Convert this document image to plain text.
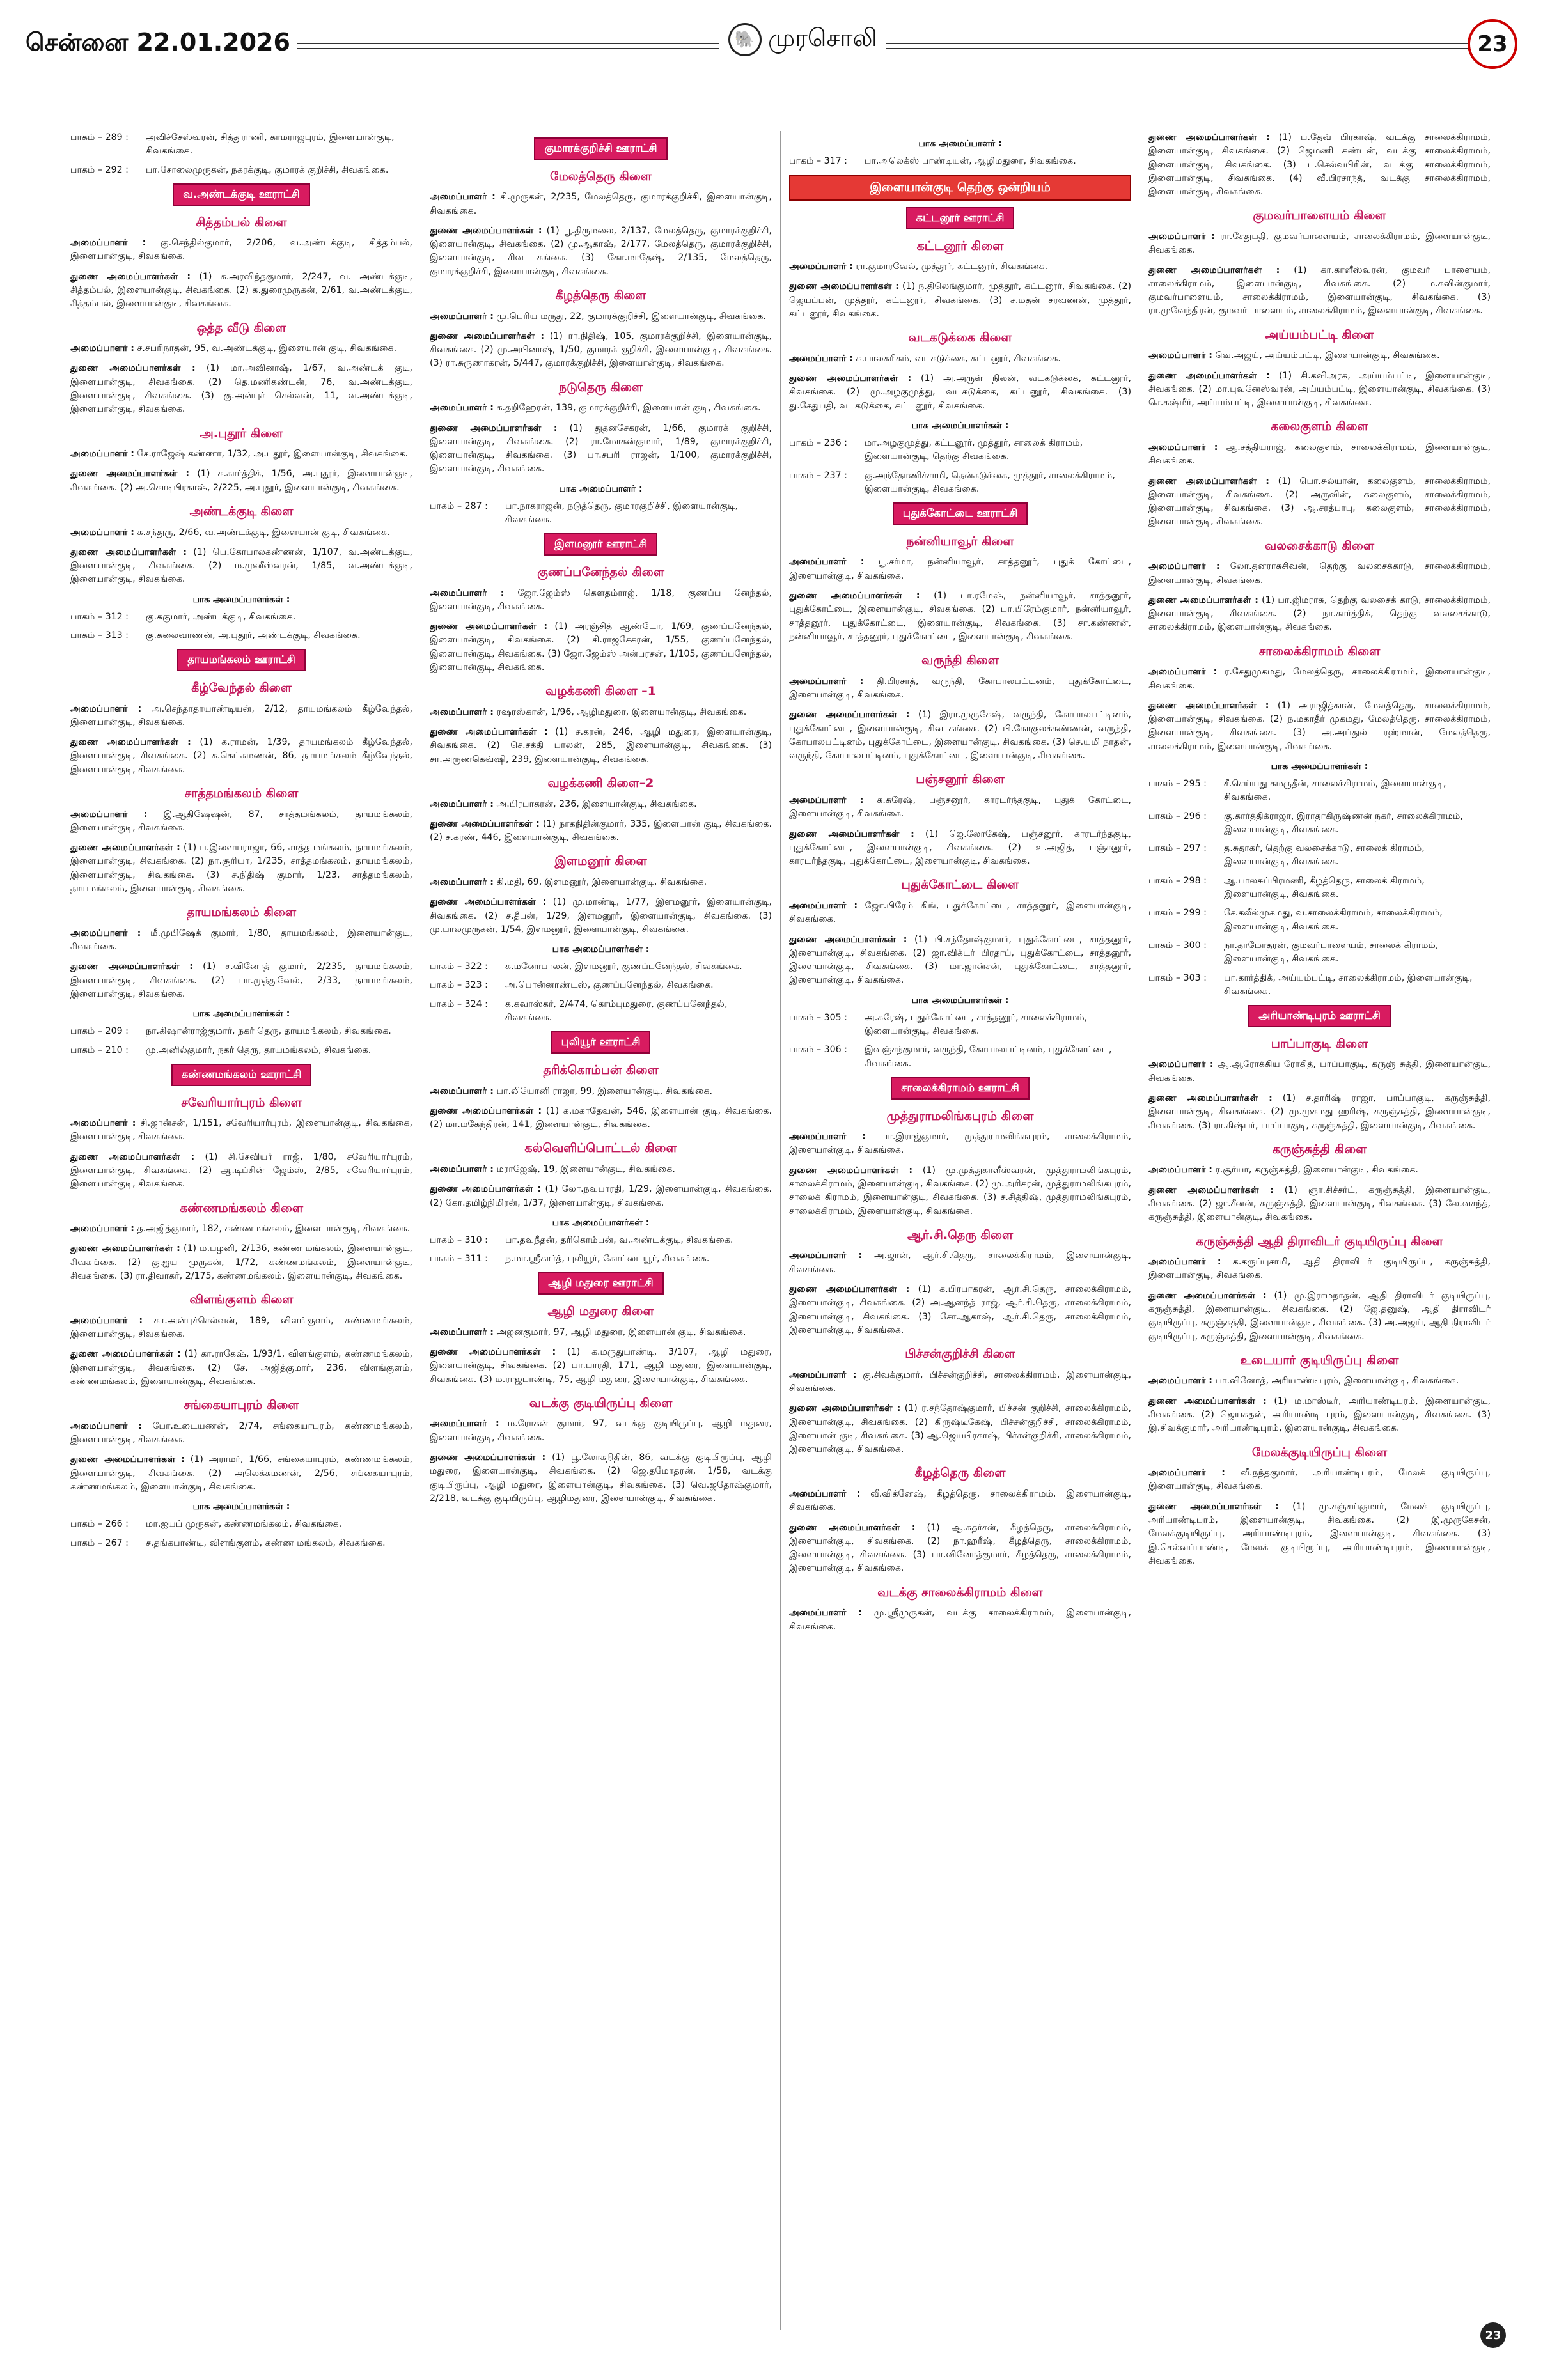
சென்னை 22.01.2026	🐘 முரசொலி	23
பாகம் – 289 :	அவிச்சேஸ்வரன், சித்துராணி, காமராஜபுரம், இளையான்குடி, சிவகங்கை.
பாகம் – 292 :	பா.சோலைமுருகன், நகரக்குடி, குமாரக் குறிச்சி, சிவகங்கை.
வ.அண்டக்குடி ஊராட்சி
சித்தம்பல் கிளை

அமைப்பாளர் : கு.செந்தில்குமார், 2/206, வ.அண்டக்குடி, சித்தம்பல், இளையான்குடி, சிவகங்கை.

துணை அமைப்பாளர்கள் : (1) க.அரவிந்தகுமார், 2/247, வ. அண்டக்குடி, சித்தம்பல், இளையான்குடி, சிவகங்கை. (2) க.துரைமுருகன், 2/61, வ.அண்டக்குடி, சித்தம்பல், இளையான்குடி, சிவகங்கை.

ஒத்த வீடு கிளை

அமைப்பாளர் : ச.சபரிநாதன், 95, வ.அண்டக்குடி, இளையான் குடி, சிவகங்கை.

துணை அமைப்பாளர்கள் : (1) மா.அவினாஷ், 1/67, வ.அண்டக் குடி, இளையான்குடி, சிவகங்கை. (2) தெ.மணிகண்டன், 76, வ.அண்டக்குடி, இளையான்குடி, சிவகங்கை. (3) கு.அன்புச் செல்வன், 11, வ.அண்டக்குடி, இளையான்குடி, சிவகங்கை.

அ.புதூர் கிளை

அமைப்பாளர் : சே.ராஜேஷ் கண்ணா, 1/32, அ.புதூர், இளையான்குடி, சிவகங்கை.

துணை அமைப்பாளர்கள் : (1) க.கார்த்திக், 1/56, அ.புதூர், இளையான்குடி, சிவகங்கை. (2) அ.கொடிபிரகாஷ், 2/225, அ.புதூர், இளையான்குடி, சிவகங்கை.

அண்டக்குடி கிளை

அமைப்பாளர் : க.சந்துரு, 2/66, வ.அண்டக்குடி, இளையான் குடி, சிவகங்கை.

துணை அமைப்பாளர்கள் : (1) பெ.கோபாலகண்ணன், 1/107, வ.அண்டக்குடி, இளையான்குடி, சிவகங்கை. (2) ம.முனீஸ்வரன், 1/85, வ.அண்டக்குடி, இளையான்குடி, சிவகங்கை.

பாக அமைப்பாளர்கள் :
பாகம் – 312 :	கு.சுகுமார், அண்டக்குடி, சிவகங்கை.
பாகம் – 313 :	கு.கலைவாணன், அ.புதூர், அண்டக்குடி, சிவகங்கை.
தாயமங்கலம் ஊராட்சி
கீழ்வேந்தல் கிளை

அமைப்பாளர் : அ.செந்தாதாயாண்டியன், 2/12, தாயமங்கலம் கீழ்வேந்தல், இளையான்குடி, சிவகங்கை.

துணை அமைப்பாளர்கள் : (1) க.ராமன், 1/39, தாயமங்கலம் கீழ்வேந்தல், இளையான்குடி, சிவகங்கை. (2) க.கெட்சுமணன், 86, தாயமங்கலம் கீழ்வேந்தல், இளையான்குடி, சிவகங்கை.

சாத்தமங்கலம் கிளை

அமைப்பாளர் : இ.ஆதிஷேஷன், 87, சாத்தமங்கலம், தாயமங்கலம், இளையான்குடி, சிவகங்கை.

துணை அமைப்பாளர்கள் : (1) ப.இளையராஜா, 66, சாத்த மங்கலம், தாயமங்கலம், இளையான்குடி, சிவகங்கை. (2) நா.சூரியா, 1/235, சாத்தமங்கலம், தாயமங்கலம், இளையான்குடி, சிவகங்கை. (3) ச.நிதிஷ் குமார், 1/23, சாத்தமங்கலம், தாயமங்கலம், இளையான்குடி, சிவகங்கை.

தாயமங்கலம் கிளை

அமைப்பாளர் : மீ.முபிஷேக் குமார், 1/80, தாயமங்கலம், இளையான்குடி, சிவகங்கை.

துணை அமைப்பாளர்கள் : (1) ச.வினோத் குமார், 2/235, தாயமங்கலம், இளையான்குடி, சிவகங்கை. (2) பா.முத்துவேல், 2/33, தாயமங்கலம், இளையான்குடி, சிவகங்கை.

பாக அமைப்பாளர்கள் :
பாகம் – 209 :	நா.கிஷான்ராஜ்குமார், நகர் தெரு, தாயமங்கலம், சிவகங்கை.
பாகம் – 210 :	மு.அனில்குமார், நகர் தெரு, தாயமங்கலம், சிவகங்கை.
கண்ணமங்கலம் ஊராட்சி
சவேரியார்புரம் கிளை

அமைப்பாளர் : சி.ஜான்சன், 1/151, சவேரியார்புரம், இளையான்குடி, சிவகங்கை, இளையான்குடி, சிவகங்கை.

துணை அமைப்பாளர்கள் : (1) சி.சேவியர் ராஜ், 1/80, சவேரியார்புரம், இளையான்குடி, சிவகங்கை. (2) ஆ.டிப்சின் ஜேம்ஸ், 2/85, சவேரியார்புரம், இளையான்குடி, சிவகங்கை.

கண்ணமங்கலம் கிளை

அமைப்பாளர் : த.அஜித்குமார், 182, கண்ணமங்கலம், இளையான்குடி, சிவகங்கை.

துணை அமைப்பாளர்கள் : (1) ம.பழனி, 2/136, கண்ண மங்கலம், இளையான்குடி, சிவகங்கை. (2) கு.ஐய முருகன், 1/72, கண்ணமங்கலம், இளையான்குடி, சிவகங்கை. (3) ரா.திவாகர், 2/175, கண்ணமங்கலம், இளையான்குடி, சிவகங்கை.

விளங்குளம் கிளை

அமைப்பாளர் : கா.அன்புச்செல்வன், 189, விளங்குளம், கண்ணமங்கலம், இளையான்குடி, சிவகங்கை.

துணை அமைப்பாளர்கள் : (1) கா.ராகேஷ், 1/93/1, விளங்குளம், கண்ணமங்கலம், இளையான்குடி, சிவகங்கை. (2) சே. அஜித்குமார், 236, விளங்குளம், கண்ணமங்கலம், இளையான்குடி, சிவகங்கை.

சங்கையாபுரம் கிளை

அமைப்பாளர் : போ.உடையணன், 2/74, சங்கையாபுரம், கண்ணமங்கலம், இளையான்குடி, சிவகங்கை.

துணை அமைப்பாளர்கள் : (1) அராமர், 1/66, சங்கையாபுரம், கண்ணமங்கலம், இளையான்குடி, சிவகங்கை. (2) அலெக்சுமணன், 2/56, சங்கையாபுரம், கண்ணமங்கலம், இளையான்குடி, சிவகங்கை.

பாக அமைப்பாளர்கள் :
பாகம் – 266 :	மா.ஐயப் முருகன், கண்ணமங்கலம், சிவகங்கை.
பாகம் – 267 :	ச.தங்கபாண்டி, விளங்குளம், கண்ண மங்கலம், சிவகங்கை.
குமாரக்குறிச்சி ஊராட்சி
மேலத்தெரு கிளை

அமைப்பாளர் : சி.முருகன், 2/235, மேலத்தெரு, குமாரக்குறிச்சி, இளையான்குடி, சிவகங்கை.

துணை அமைப்பாளர்கள் : (1) பூ.திருமலை, 2/137, மேலத்தெரு, குமாரக்குறிச்சி, இளையான்குடி, சிவகங்கை. (2) மு.ஆகாஷ், 2/177, மேலத்தெரு, குமாரக்குறிச்சி, இளையான்குடி, சிவ கங்கை. (3) கோ.மாதேஷ், 2/135, மேலத்தெரு, குமாரக்குறிச்சி, இளையான்குடி, சிவகங்கை.

கீழத்தெரு கிளை

அமைப்பாளர் : மு.பெரிய மருது, 22, குமாரக்குறிச்சி, இளையான்குடி, சிவகங்கை.

துணை அமைப்பாளர்கள் : (1) ரா.நிதிஷ், 105, குமாரக்குறிச்சி, இளையான்குடி, சிவகங்கை. (2) மு.அபினாஷ், 1/50, குமாரக் குறிச்சி, இளையான்குடி, சிவகங்கை. (3) ரா.சுருணாகரன், 5/447, குமாரக்குறிச்சி, இளையான்குடி, சிவகங்கை.

நடுதெரு கிளை

அமைப்பாளர் : க.தறிஹேரன், 139, குமாரக்குறிச்சி, இளையான் குடி, சிவகங்கை.

துணை அமைப்பாளர்கள் : (1) துதனசேகரன், 1/66, குமாரக் குறிச்சி, இளையான்குடி, சிவகங்கை. (2) ரா.மோகன்குமார், 1/89, குமாரக்குறிச்சி, இளையான்குடி, சிவகங்கை. (3) பா.சபரி ராஜன், 1/100, குமாரக்குறிச்சி, இளையான்குடி, சிவகங்கை.

பாக அமைப்பாளர் :
பாகம் – 287 :	பா.நாகராஜன், நடுத்தெரு, குமாரகுறிச்சி, இளையான்குடி, சிவகங்கை.
இளமனூர் ஊராட்சி
குணப்பனேந்தல் கிளை

அமைப்பாளர் : ஜோ.ஜேம்ஸ் கௌதம்ராஜ், 1/18, குணப்ப னேந்தல், இளையான்குடி, சிவகங்கை.

துணை அமைப்பாளர்கள் : (1) அரஞ்சித் ஆண்டோ, 1/69, குணப்பனேந்தல், இளையான்குடி, சிவகங்கை. (2) சி.ராஜசேகரன், 1/55, குணப்பனேந்தல், இளையான்குடி, சிவகங்கை. (3) ஜோ.ஜேம்ஸ் அன்பரசன், 1/105, குணப்பனேந்தல், இளையான்குடி, சிவகங்கை.

வழக்கணி கிளை –1

அமைப்பாளர் : ரஷரஸ்கான், 1/96, ஆழிமதுரை, இளையான்குடி, சிவகங்கை.

துணை அமைப்பாளர்கள் : (1) ச.கரன், 246, ஆழி மதுரை, இளையான்குடி, சிவகங்கை. (2) செ.சக்தி பாலன், 285, இளையான்குடி, சிவகங்கை. (3) சா.அருணகெவ்ஷி, 239, இளையான்குடி, சிவகங்கை.

வழக்கணி கிளை–2

அமைப்பாளர் : அ.பிரபாகரன், 236, இளையான்குடி, சிவகங்கை.

துணை அமைப்பாளர்கள் : (1) நாகநிதின்குமார், 335, இளையான் குடி, சிவகங்கை. (2) ச.கரண், 446, இளையான்குடி, சிவகங்கை.

இளமனூர் கிளை

அமைப்பாளர் : கி.மதி, 69, இளமனூர், இளையான்குடி, சிவகங்கை.

துணை அமைப்பாளர்கள் : (1) மு.மாண்டி, 1/77, இளமனூர், இளையான்குடி, சிவகங்கை. (2) ச.தீபன், 1/29, இளமனூர், இளையான்குடி, சிவகங்கை. (3) மு.பாலமுருகன், 1/54, இளமனூர், இளையான்குடி, சிவகங்கை.

பாக அமைப்பாளர்கள் :
பாகம் – 322 :	க.மனோபாலன், இளமனூர், குணப்பனேந்தல், சிவகங்கை.
பாகம் – 323 :	அ.பொன்னாண்டஸ், குணப்பனேந்தல், சிவகங்கை.
பாகம் – 324 :	க.கவாஸ்கர், 2/474, கொம்புமதுரை, குணப்பனேந்தல், சிவகங்கை.
புலியூர் ஊராட்சி
தரிக்கொம்பன் கிளை

அமைப்பாளர் : பா.லியோனி ராஜா, 99, இளையான்குடி, சிவகங்கை.

துணை அமைப்பாளர்கள் : (1) க.மகாதேவன், 546, இளையான் குடி, சிவகங்கை. (2) மா.மகேந்திரன், 141, இளையான்குடி, சிவகங்கை.

கல்வெளிப்பொட்டல் கிளை

அமைப்பாளர் : மராஜேஷ், 19, இளையான்குடி, சிவகங்கை.

துணை அமைப்பாளர்கள் : (1) லோ.நவபாரதி, 1/29, இளையான்குடி, சிவகங்கை. (2) கோ.தமிழ்நிமிரன், 1/37, இளையான்குடி, சிவகங்கை.

பாக அமைப்பாளர்கள் :
பாகம் – 310 :	பா.தவநீதன், தரிகொம்பன், வ.அண்டக்குடி, சிவகங்கை.
பாகம் – 311 :	ந.மா.ஸ்ரீகார்த், புலியூர், கோட்டையூர், சிவகங்கை.
ஆழி மதுரை ஊராட்சி
ஆழி மதுரை கிளை

அமைப்பாளர் : அஜனகுமார், 97, ஆழி மதுரை, இளையான் குடி, சிவகங்கை.

துணை அமைப்பாளர்கள் : (1) க.மருதுபாண்டி, 3/107, ஆழி மதுரை, இளையான்குடி, சிவகங்கை. (2) பா.பாரதி, 171, ஆழி மதுரை, இளையான்குடி, சிவகங்கை. (3) ம.ராஜபாண்டி, 75, ஆழி மதுரை, இளையான்குடி, சிவகங்கை.

வடக்கு குடியிருப்பு கிளை

அமைப்பாளர் : ம.ரோகன் குமார், 97, வடக்கு குடியிருப்பு, ஆழி மதுரை, இளையான்குடி, சிவகங்கை.

துணை அமைப்பாளர்கள் : (1) பூ.லோகநிதின், 86, வடக்கு குடியிருப்பு, ஆழி மதுரை, இளையான்குடி, சிவகங்கை. (2) ஜெ.தமோதரன், 1/58, வடக்கு குடியிருப்பு, ஆழி மதுரை, இளையான்குடி, சிவகங்கை. (3) வெ.ஜதோஷ்குமார், 2/218, வடக்கு குடியிருப்பு, ஆழிமதுரை, இளையான்குடி, சிவகங்கை.

பாக அமைப்பாளர் :
பாகம் – 317 :	பா.அலெக்ஸ் பாண்டியன், ஆழிமதுரை, சிவகங்கை.
இளையான்குடி தெற்கு ஒன்றியம்
கட்டனூர் ஊராட்சி
கட்டனூர் கிளை

அமைப்பாளர் : ரா.குமாரவேல், முத்தூர், கட்டனூர், சிவகங்கை.

துணை அமைப்பாளர்கள் : (1) ந.திலெங்குமார், முத்தூர், கட்டனூர், சிவகங்கை. (2) ஜெயப்பன், முத்தூர், கட்டனூர், சிவகங்கை. (3) ச.மதன் சரவணன், முத்தூர், கட்டனூர், சிவகங்கை.

வடகடுக்கை கிளை

அமைப்பாளர் : க.பாலசுரிகம், வடகடுக்கை, கட்டனூர், சிவகங்கை.

துணை அமைப்பாளர்கள் : (1) அ.அருள் நிலன், வடகடுக்கை, கட்டனூர், சிவகங்கை. (2) மு.அழகுமுத்து, வடகடுக்கை, கட்டனூர், சிவகங்கை. (3) து.சேதுபதி, வடகடுக்கை, கட்டனூர், சிவகங்கை.

பாக அமைப்பாளர்கள் :
பாகம் – 236 :	மா.அழகுமுத்து, கட்டனூர், முத்தூர், சாலைக் கிராமம், இளையான்குடி, தெற்கு சிவகங்கை.
பாகம் – 237 :	கு.அந்தோணிச்சாமி, தென்கடுக்கை, முத்தூர், சாலைக்கிராமம், இளையான்குடி, சிவகங்கை.
புதுக்கோட்டை ஊராட்சி
நன்னியாவூர் கிளை

அமைப்பாளர் : பூ.சர்மா, நன்னியாவூர், சாத்தனூர், புதுக் கோட்டை, இளையான்குடி, சிவகங்கை.

துணை அமைப்பாளர்கள் : (1) பா.ரமேஷ், நன்னியாவூர், சாத்தனூர், புதுக்கோட்டை, இளையான்குடி, சிவகங்கை. (2) பா.பிரேம்குமார், நன்னியாவூர், சாத்தனூர், புதுக்கோட்டை, இளையான்குடி, சிவகங்கை. (3) சா.கண்ணன், நன்னியாவூர், சாத்தனூர், புதுக்கோட்டை, இளையான்குடி, சிவகங்கை.

வருந்தி கிளை

அமைப்பாளர் : தி.பிரசாத், வருந்தி, கோபாலபட்டினம், புதுக்கோட்டை, இளையான்குடி, சிவகங்கை.

துணை அமைப்பாளர்கள் : (1) இரா.முருகேஷ், வருந்தி, கோபாலபட்டினம், புதுக்கோட்டை, இளையான்குடி, சிவ கங்கை. (2) பி.கோகுலக்கண்ணன், வருந்தி, கோபாலபட்டினம், புதுக்கோட்டை, இளையான்குடி, சிவகங்கை. (3) செ.யுமி நாதன், வருந்தி, கோபாலபட்டினம், புதுக்கோட்டை, இளையான்குடி, சிவகங்கை.

பஞ்சனூர் கிளை

அமைப்பாளர் : க.சுரேஷ், பஞ்சனூர், காரடர்ந்தகுடி, புதுக் கோட்டை, இளையான்குடி, சிவகங்கை.

துணை அமைப்பாளர்கள் : (1) ஜெ.லோகேஷ், பஞ்சனூர், காரடர்ந்தகுடி, புதுக்கோட்டை, இளையான்குடி, சிவகங்கை. (2) உ.அஜித், பஞ்சனூர், காரடர்ந்தகுடி, புதுக்கோட்டை, இளையான்குடி, சிவகங்கை.

புதுக்கோட்டை கிளை

அமைப்பாளர் : ஜோ.பிரேம் கிங், புதுக்கோட்டை, சாத்தனூர், இளையான்குடி, சிவகங்கை.

துணை அமைப்பாளர்கள் : (1) பி.சந்தோஷ்குமார், புதுக்கோட்டை, சாத்தனூர், இளையான்குடி, சிவகங்கை. (2) ஜா.விக்டர் பிரதாப், புதுக்கோட்டை, சாத்தனூர், இளையான்குடி, சிவகங்கை. (3) மா.ஜான்சன், புதுக்கோட்டை, சாத்தனூர், இளையான்குடி, சிவகங்கை.

பாக அமைப்பாளர்கள் :
பாகம் – 305 :	அ.சுரேஷ், புதுக்கோட்டை, சாத்தனூர், சாலைக்கிராமம், இளையான்குடி, சிவகங்கை.
பாகம் – 306 :	இவஞ்சந்குமார், வருந்தி, கோபாலபட்டினம், புதுக்கோட்டை, சிவகங்கை.
சாலைக்கிராமம் ஊராட்சி
முத்துராமலிங்கபுரம் கிளை

அமைப்பாளர் : பா.இராஜ்குமார், முத்துராமலிங்கபுரம், சாலைக்கிராமம், இளையான்குடி, சிவகங்கை.

துணை அமைப்பாளர்கள் : (1) மு.முத்துகாளீஸ்வரன், முத்துராமலிங்கபுரம், சாலைக்கிராமம், இளையான்குடி, சிவகங்கை. (2) மு.அரிகரன், முத்துராமலிங்கபுரம், சாலைக் கிராமம், இளையான்குடி, சிவகங்கை. (3) ச.சித்திஷ், முத்துராமலிங்கபுரம், சாலைக்கிராமம், இளையான்குடி, சிவகங்கை.

ஆர்.சி.தெரு கிளை

அமைப்பாளர் : அ.ஜான், ஆர்.சி.தெரு, சாலைக்கிராமம், இளையான்குடி, சிவகங்கை.

துணை அமைப்பாளர்கள் : (1) க.பிரபாகரன், ஆர்.சி.தெரு, சாலைக்கிராமம், இளையான்குடி, சிவகங்கை. (2) அ.ஆனந்த் ராஜ், ஆர்.சி.தெரு, சாலைக்கிராமம், இளையான்குடி, சிவகங்கை. (3) சோ.ஆகாஷ், ஆர்.சி.தெரு, சாலைக்கிராமம், இளையான்குடி, சிவகங்கை.

பிச்சன்குறிச்சி கிளை

அமைப்பாளர் : கு.சிவக்குமார், பிச்சன்குறிச்சி, சாலைக்கிராமம், இளையான்குடி, சிவகங்கை.

துணை அமைப்பாளர்கள் : (1) ர.சந்தோஷ்குமார், பிச்சன் குறிச்சி, சாலைக்கிராமம், இளையான்குடி, சிவகங்கை. (2) கிருஷ்டீகேஷ், பிச்சன்குறிச்சி, சாலைக்கிராமம், இளையான் குடி, சிவகங்கை. (3) ஆ.ஜெயபிரகாஷ், பிச்சன்குறிச்சி, சாலைக்கிராமம், இளையான்குடி, சிவகங்கை.

கீழத்தெரு கிளை

அமைப்பாளர் : வீ.விக்னேஷ், கீழத்தெரு, சாலைக்கிராமம், இளையான்குடி, சிவகங்கை.

துணை அமைப்பாளர்கள் : (1) ஆ.சுதர்சன், கீழத்தெரு, சாலைக்கிராமம், இளையான்குடி, சிவகங்கை. (2) நா.ஹரீஷ், கீழத்தெரு, சாலைக்கிராமம், இளையான்குடி, சிவகங்கை. (3) பா.வினோத்குமார், கீழத்தெரு, சாலைக்கிராமம், இளையான்குடி, சிவகங்கை.

வடக்கு சாலைக்கிராமம் கிளை

அமைப்பாளர் : மு.ஸ்ரீமுருகன், வடக்கு சாலைக்கிராமம், இளையான்குடி, சிவகங்கை.

துணை அமைப்பாளர்கள் : (1) ப.தேவ் பிரகாஷ், வடக்கு சாலைக்கிராமம், இளையான்குடி, சிவகங்கை. (2) ஜெமணி கண்டன், வடக்கு சாலைக்கிராமம், இளையான்குடி, சிவகங்கை. (3) ப.செல்வபிரின், வடக்கு சாலைக்கிராமம், இளையான்குடி, சிவகங்கை. (4) வீ.பிரசாந்த், வடக்கு சாலைக்கிராமம், இளையான்குடி, சிவகங்கை.

குமவர்பாளையம் கிளை

அமைப்பாளர் : ரா.சேதுபதி, குமவர்பாளையம், சாலைக்கிராமம், இளையான்குடி, சிவகங்கை.

துணை அமைப்பாளர்கள் : (1) கா.காளீஸ்வரன், குமவர் பாளையம், சாலைக்கிராமம், இளையான்குடி, சிவகங்கை. (2) ம.கவின்குமார், குமவர்பாளையம், சாலைக்கிராமம், இளையான்குடி, சிவகங்கை. (3) ரா.முவேந்திரன், குமவர் பாளையம், சாலைக்கிராமம், இளையான்குடி, சிவகங்கை.

அய்யம்பட்டி கிளை

அமைப்பாளர் : வெ.அஜய், அய்யம்பட்டி, இளையான்குடி, சிவகங்கை.

துணை அமைப்பாளர்கள் : (1) சி.கவிஅரசு, அய்யம்பட்டி, இளையான்குடி, சிவகங்கை. (2) மா.புவனேஸ்வரன், அய்யம்பட்டி, இளையான்குடி, சிவகங்கை. (3) செ.கஷ்மீர், அய்யம்பட்டி, இளையான்குடி, சிவகங்கை.

கலைகுளம் கிளை

அமைப்பாளர் : ஆ.சத்தியராஜ், கலைகுளம், சாலைக்கிராமம், இளையான்குடி, சிவகங்கை.

துணை அமைப்பாளர்கள் : (1) பொ.சுல்யான், கலைகுளம், சாலைக்கிராமம், இளையான்குடி, சிவகங்கை. (2) அருவின், கலைகுளம், சாலைக்கிராமம், இளையான்குடி, சிவகங்கை. (3) ஆ.சரத்பாபு, கலைகுளம், சாலைக்கிராமம், இளையான்குடி, சிவகங்கை.

வலசைக்காடு கிளை

அமைப்பாளர் : லோ.தனராசுசிவன், தெற்கு வலசைக்காடு, சாலைக்கிராமம், இளையான்குடி, சிவகங்கை.

துணை அமைப்பாளர்கள் : (1) பா.ஜிமராசு, தெற்கு வலசைக் காடு, சாலைக்கிராமம், இளையான்குடி, சிவகங்கை. (2) நா.கார்த்திக், தெற்கு வலசைக்காடு, சாலைக்கிராமம், இளையான்குடி, சிவகங்கை.

சாலைக்கிராமம் கிளை

அமைப்பாளர் : ர.சேதுமுகமது, மேலத்தெரு, சாலைக்கிராமம், இளையான்குடி, சிவகங்கை.

துணை அமைப்பாளர்கள் : (1) அராஜித்கான், மேலத்தெரு, சாலைக்கிராமம், இளையான்குடி, சிவகங்கை. (2) ந.மகாதீர் முகமது, மேலத்தெரு, சாலைக்கிராமம், இளையான்குடி, சிவகங்கை. (3) அ.அப்துல் ரஹ்மான், மேலத்தெரு, சாலைக்கிராமம், இளையான்குடி, சிவகங்கை.

பாக அமைப்பாளர்கள் :
பாகம் – 295 :	சீ.செய்யது கமருதீன், சாலைக்கிராமம், இளையான்குடி, சிவகங்கை.
பாகம் – 296 :	கு.கார்த்திக்ராஜா, இராதாகிருஷ்ணன் நகர், சாலைக்கிராமம், இளையான்குடி, சிவகங்கை.
பாகம் – 297 :	த.சுதாகர், தெற்கு வலசைக்காடு, சாலைக் கிராமம், இளையான்குடி, சிவகங்கை.
பாகம் – 298 :	ஆ.பாலசுப்பிரமணி, கீழத்தெரு, சாலைக் கிராமம், இளையான்குடி, சிவகங்கை.
பாகம் – 299 :	சே.கலீல்முகமது, வ.சாலைக்கிராமம், சாலைக்கிராமம், இளையான்குடி, சிவகங்கை.
பாகம் – 300 :	நா.தாமோதரன், குமவர்பாளையம், சாலைக் கிராமம், இளையான்குடி, சிவகங்கை.
பாகம் – 303 :	பா.கார்த்திக், அய்யம்பட்டி, சாலைக்கிராமம், இளையான்குடி, சிவகங்கை.
அரியாண்டிபுரம் ஊராட்சி
பாப்பாகுடி கிளை

அமைப்பாளர் : ஆ.ஆரோக்கிய ரோகித், பாப்பாகுடி, கருஞ் சுத்தி, இளையான்குடி, சிவகங்கை.

துணை அமைப்பாளர்கள் : (1) ச.தாரிஷ் ராஜா, பாப்பாகுடி, கருஞ்சுத்தி, இளையான்குடி, சிவகங்கை. (2) மு.முகமது ஹரிஷ், கருஞ்சுத்தி, இளையான்குடி, சிவகங்கை. (3) ரா.கிஷ்பர், பாப்பாகுடி, கருஞ்சுத்தி, இளையான்குடி, சிவகங்கை.

கருஞ்சுத்தி கிளை

அமைப்பாளர் : ர.சூர்யா, கருஞ்சுத்தி, இளையான்குடி, சிவகங்கை.

துணை அமைப்பாளர்கள் : (1) ஞா.சிச்சர்ட், கருஞ்சுத்தி, இளையான்குடி, சிவகங்கை. (2) ஜா.சீனன், கருஞ்சுத்தி, இளையான்குடி, சிவகங்கை. (3) லே.வசந்த், கருஞ்சுத்தி, இளையான்குடி, சிவகங்கை.

கருஞ்சுத்தி ஆதி திராவிடர் குடியிருப்பு கிளை

அமைப்பாளர் : க.கருப்புசாமி, ஆதி திராவிடர் குடியிருப்பு, கருஞ்சுத்தி, இளையான்குடி, சிவகங்கை.

துணை அமைப்பாளர்கள் : (1) மு.இராமநாதன், ஆதி திராவிடர் குடியிருப்பு, கருஞ்சுத்தி, இளையான்குடி, சிவகங்கை. (2) ஜே.தனுஷ், ஆதி திராவிடர் குடியிருப்பு, கருஞ்சுத்தி, இளையான்குடி, சிவகங்கை. (3) அ.அஜய், ஆதி திராவிடர் குடியிருப்பு, கருஞ்சுத்தி, இளையான்குடி, சிவகங்கை.

உடையார் குடியிருப்பு கிளை

அமைப்பாளர் : பா.வினோத், அரியாண்டிபுரம், இளையான்குடி, சிவகங்கை.

துணை அமைப்பாளர்கள் : (1) ம.மாஸ்டீர், அரியாண்டிபுரம், இளையான்குடி, சிவகங்கை. (2) ஜெயசுதன், அரியாண்டி புரம், இளையான்குடி, சிவகங்கை. (3) இ.சிவக்குமார், அரியாண்டிபுரம், இளையான்குடி, சிவகங்கை.

மேலக்குடியிருப்பு கிளை

அமைப்பாளர் : வீ.நந்தகுமார், அரியாண்டிபுரம், மேலக் குடியிருப்பு, இளையான்குடி, சிவகங்கை.

துணை அமைப்பாளர்கள் : (1) மு.சஞ்சய்குமார், மேலக் குடியிருப்பு, அரியாண்டிபுரம், இளையான்குடி, சிவகங்கை. (2) இ.முருகேசன், மேலக்குடியிருப்பு, அரியாண்டிபுரம், இளையான்குடி, சிவகங்கை. (3) இ.செல்வப்பாண்டி, மேலக் குடியிருப்பு, அரியாண்டிபுரம், இளையான்குடி, சிவகங்கை.

23
